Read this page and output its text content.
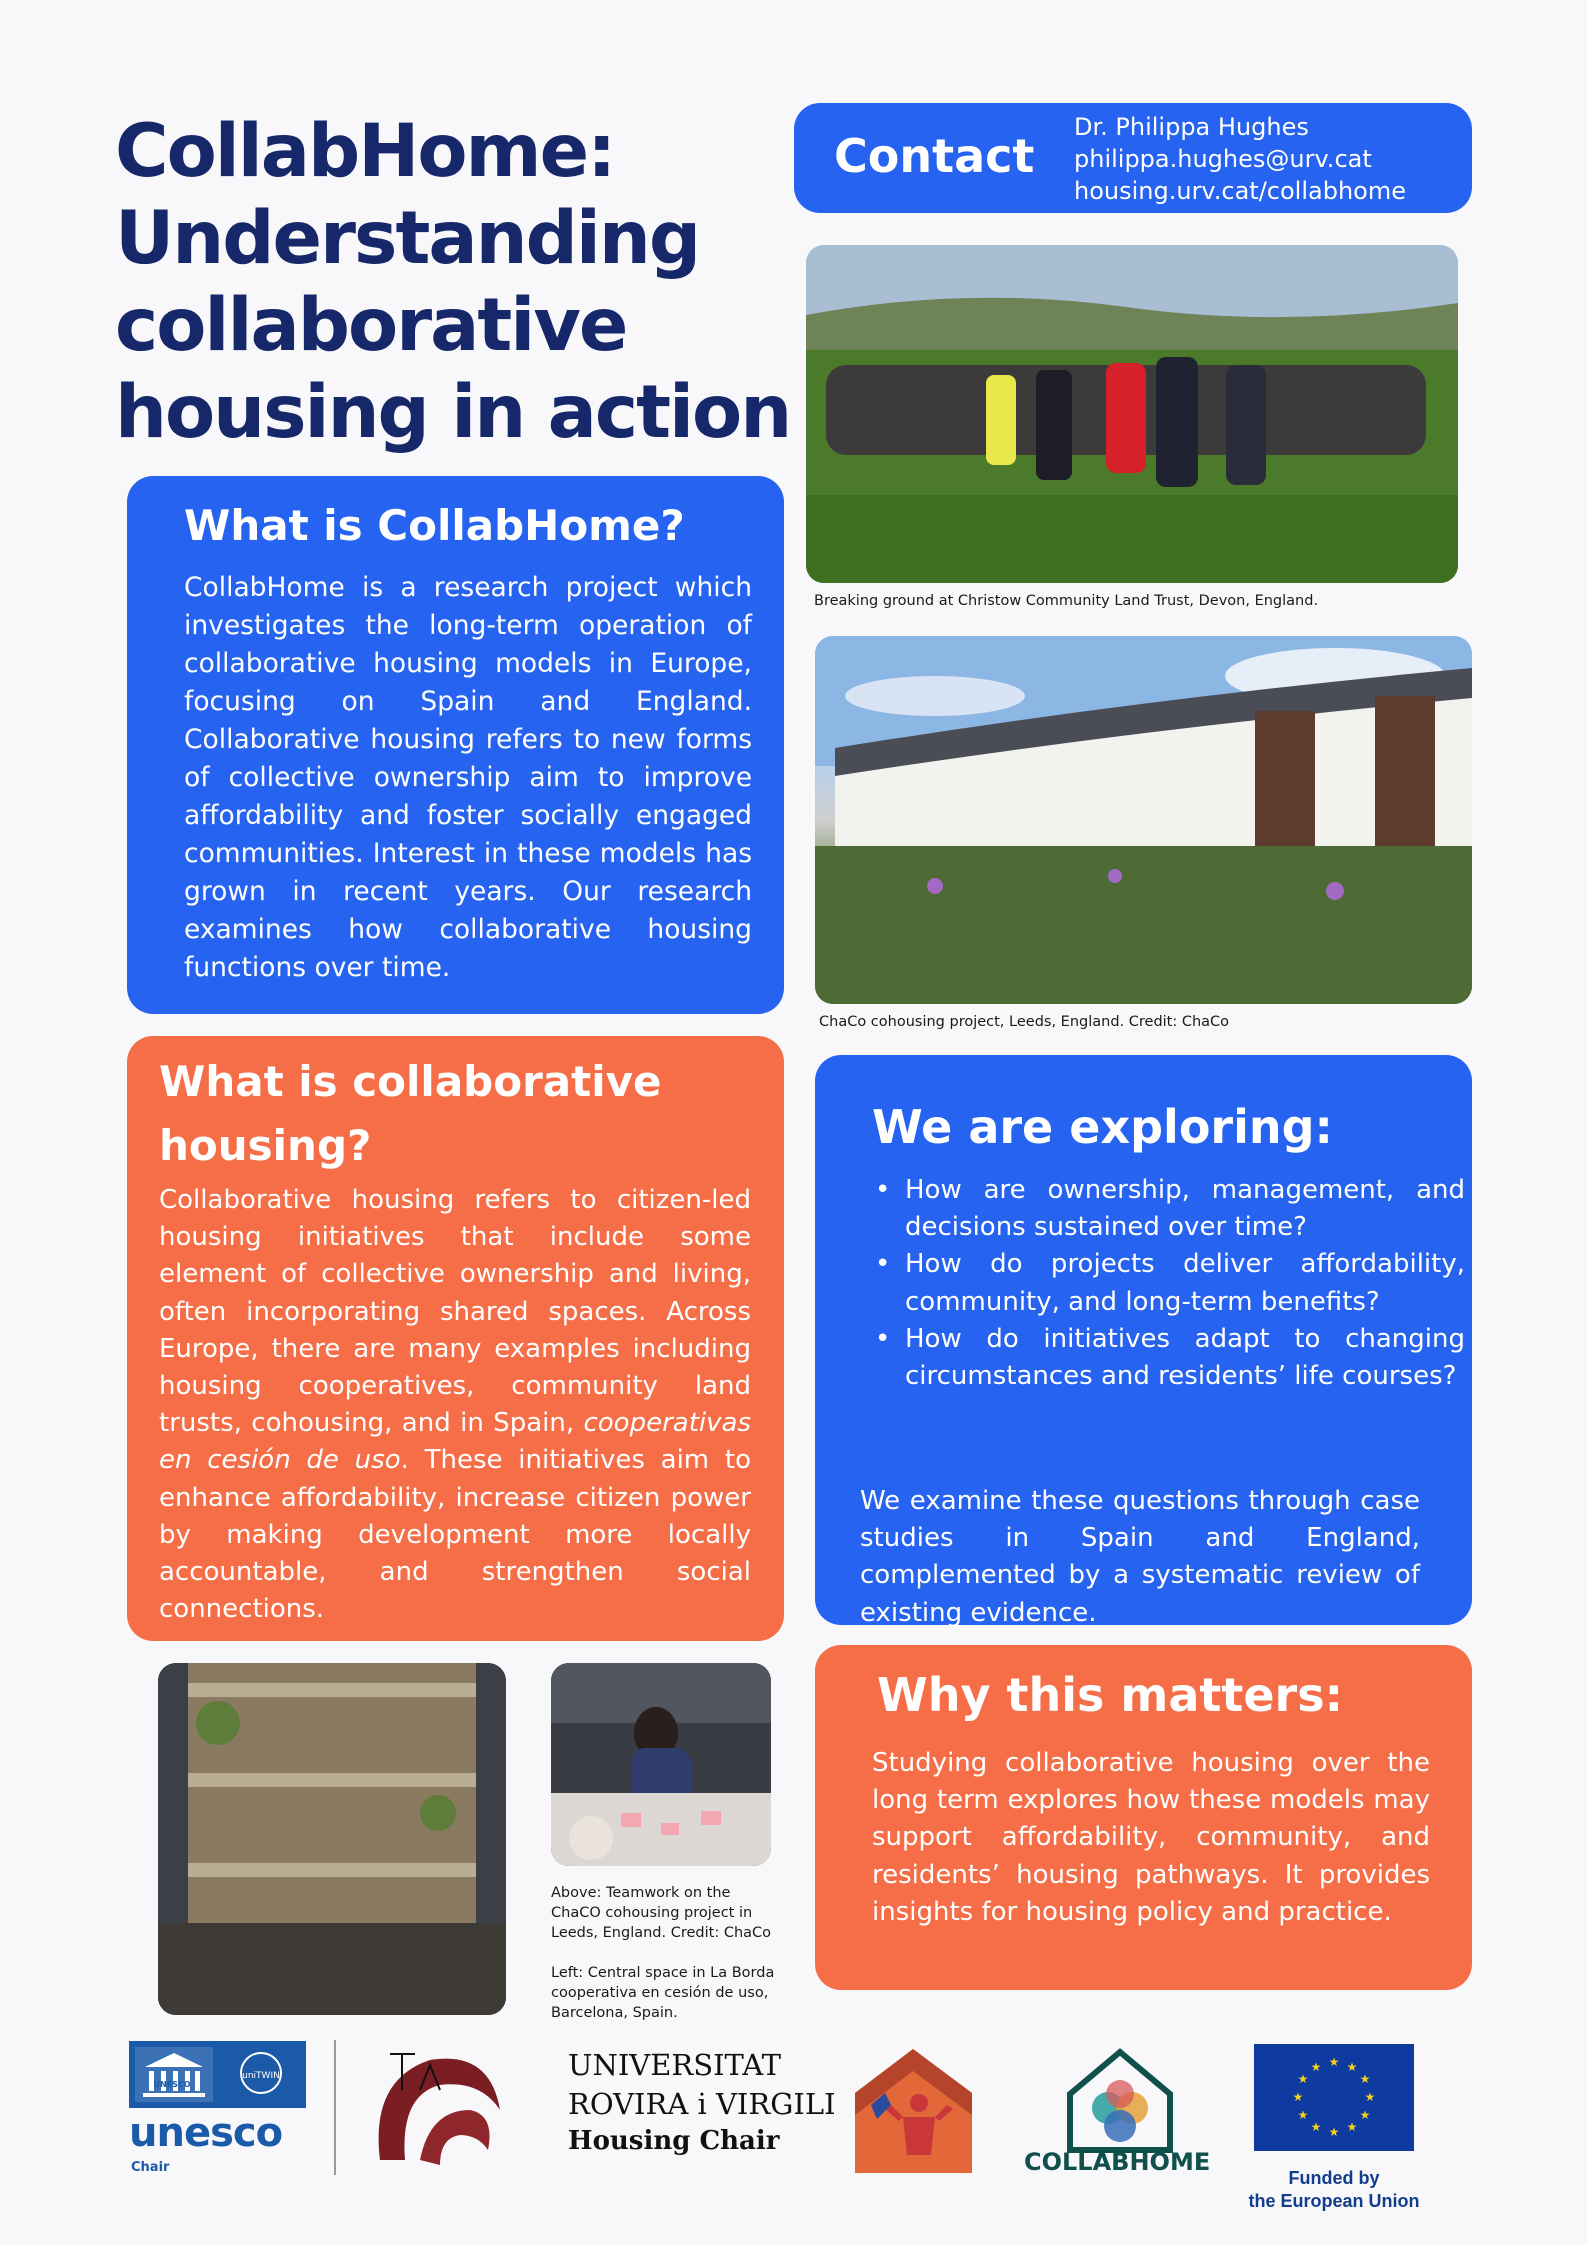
CollabHome:
Understanding
collaborative
housing in action
Contact
Dr. Philippa Hughes
philippa.hughes@urv.cat
housing.urv.cat/collabhome
What is CollabHome?

CollabHome is a research project which investigates the long-term operation of collaborative housing models in Europe, focusing on Spain and England. Collaborative housing refers to new forms of collective ownership aim to improve affordability and foster socially engaged communities. Interest in these models has grown in recent years. Our research examines how collaborative housing functions over time.

Breaking ground at Christow Community Land Trust, Devon, England.
ChaCo cohousing project, Leeds, England. Credit: ChaCo
What is collaborative housing?

Collaborative housing refers to citizen-led housing initiatives that include some element of collective ownership and living, often incorporating shared spaces. Across Europe, there are many examples including housing cooperatives, community land trusts, cohousing, and in Spain, cooperativas en cesión de uso. These initiatives aim to enhance affordability, increase citizen power by making development more locally accountable, and strengthen social connections.

We are exploring:
• How are ownership, management, and decisions sustained over time?
• How do projects deliver affordability, community, and long-term benefits?
• How do initiatives adapt to changing circumstances and residents’ life courses?

We examine these questions through case studies in Spain and England, complemented by a systematic review of existing evidence.

Above: Teamwork on the ChaCO cohousing project in Leeds, England. Credit: ChaCo
Left: Central space in La Borda cooperativa en cesión de uso, Barcelona, Spain.
Why this matters:

Studying collaborative housing over the long term explores how these models may support affordability, community, and residents’ housing pathways. It provides insights for housing policy and practice.

UNESCO
uniTWIN
unesco
Chair
UNIVERSITAT
ROVIRA i VIRGILI
Housing Chair
COLLABHOME
★ ★
★
★
★
★
★
★
★
★
★
★
Funded by
the European Union
